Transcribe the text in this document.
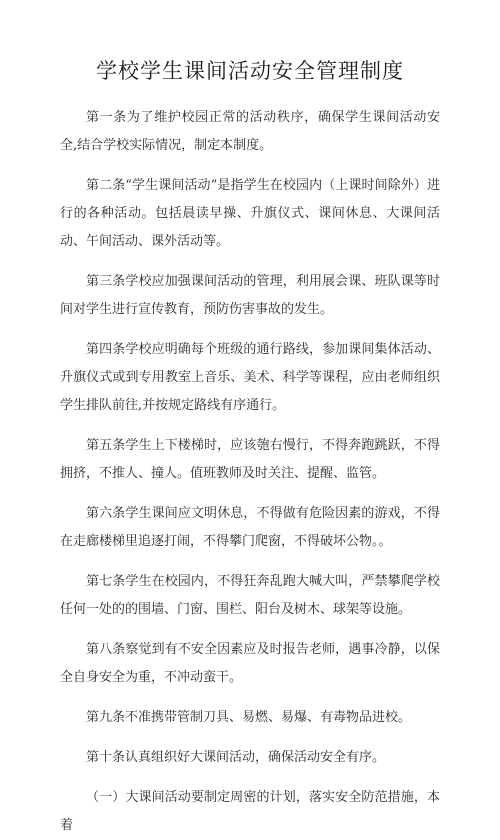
学校学生课间活动安全管理制度

第一条为了维护校园正常的活动秩序，确保学生课间活动安全,结合学校实际情况，制定本制度。

第二条“学生课间活动”是指学生在校园内（上课时间除外）进行的各种活动。包括晨读早操、升旗仪式、课间休息、大课间活动、午间活动、课外活动等。

第三条学校应加强课间活动的管理，利用展会课、班队课等时间对学生进行宣传教育，预防伤害事故的发生。

第四条学校应明确每个班级的通行路线，参加课间集体活动、升旗仪式或到专用教室上音乐、美术、科学等课程，应由老师组织学生排队前往,并按规定路线有序通行。

第五条学生上下楼梯时，应该匏右慢行，不得奔跑跳跃，不得拥挤，不推人、撞人。值班教师及时关注、提醒、监管。

第六条学生课间应文明休息，不得做有危险因素的游戏，不得在走廊楼梯里追逐打闹，不得攀门爬窗，不得破坏公物。。

第七条学生在校园内，不得狂奔乱跑大喊大叫，严禁攀爬学校任何一处的的围墙、门窗、围栏、阳台及树木、球架等设施。

第八条察觉到有不安全因素应及时报告老师，遇事冷静，以保全自身安全为重，不冲动蛮干。

第九条不准携带管制刀具、易燃、易爆、有毒物品进校。

第十条认真组织好大课间活动，确保活动安全有序。

（一）大课间活动要制定周密的计划，落实安全防范措施，本着
